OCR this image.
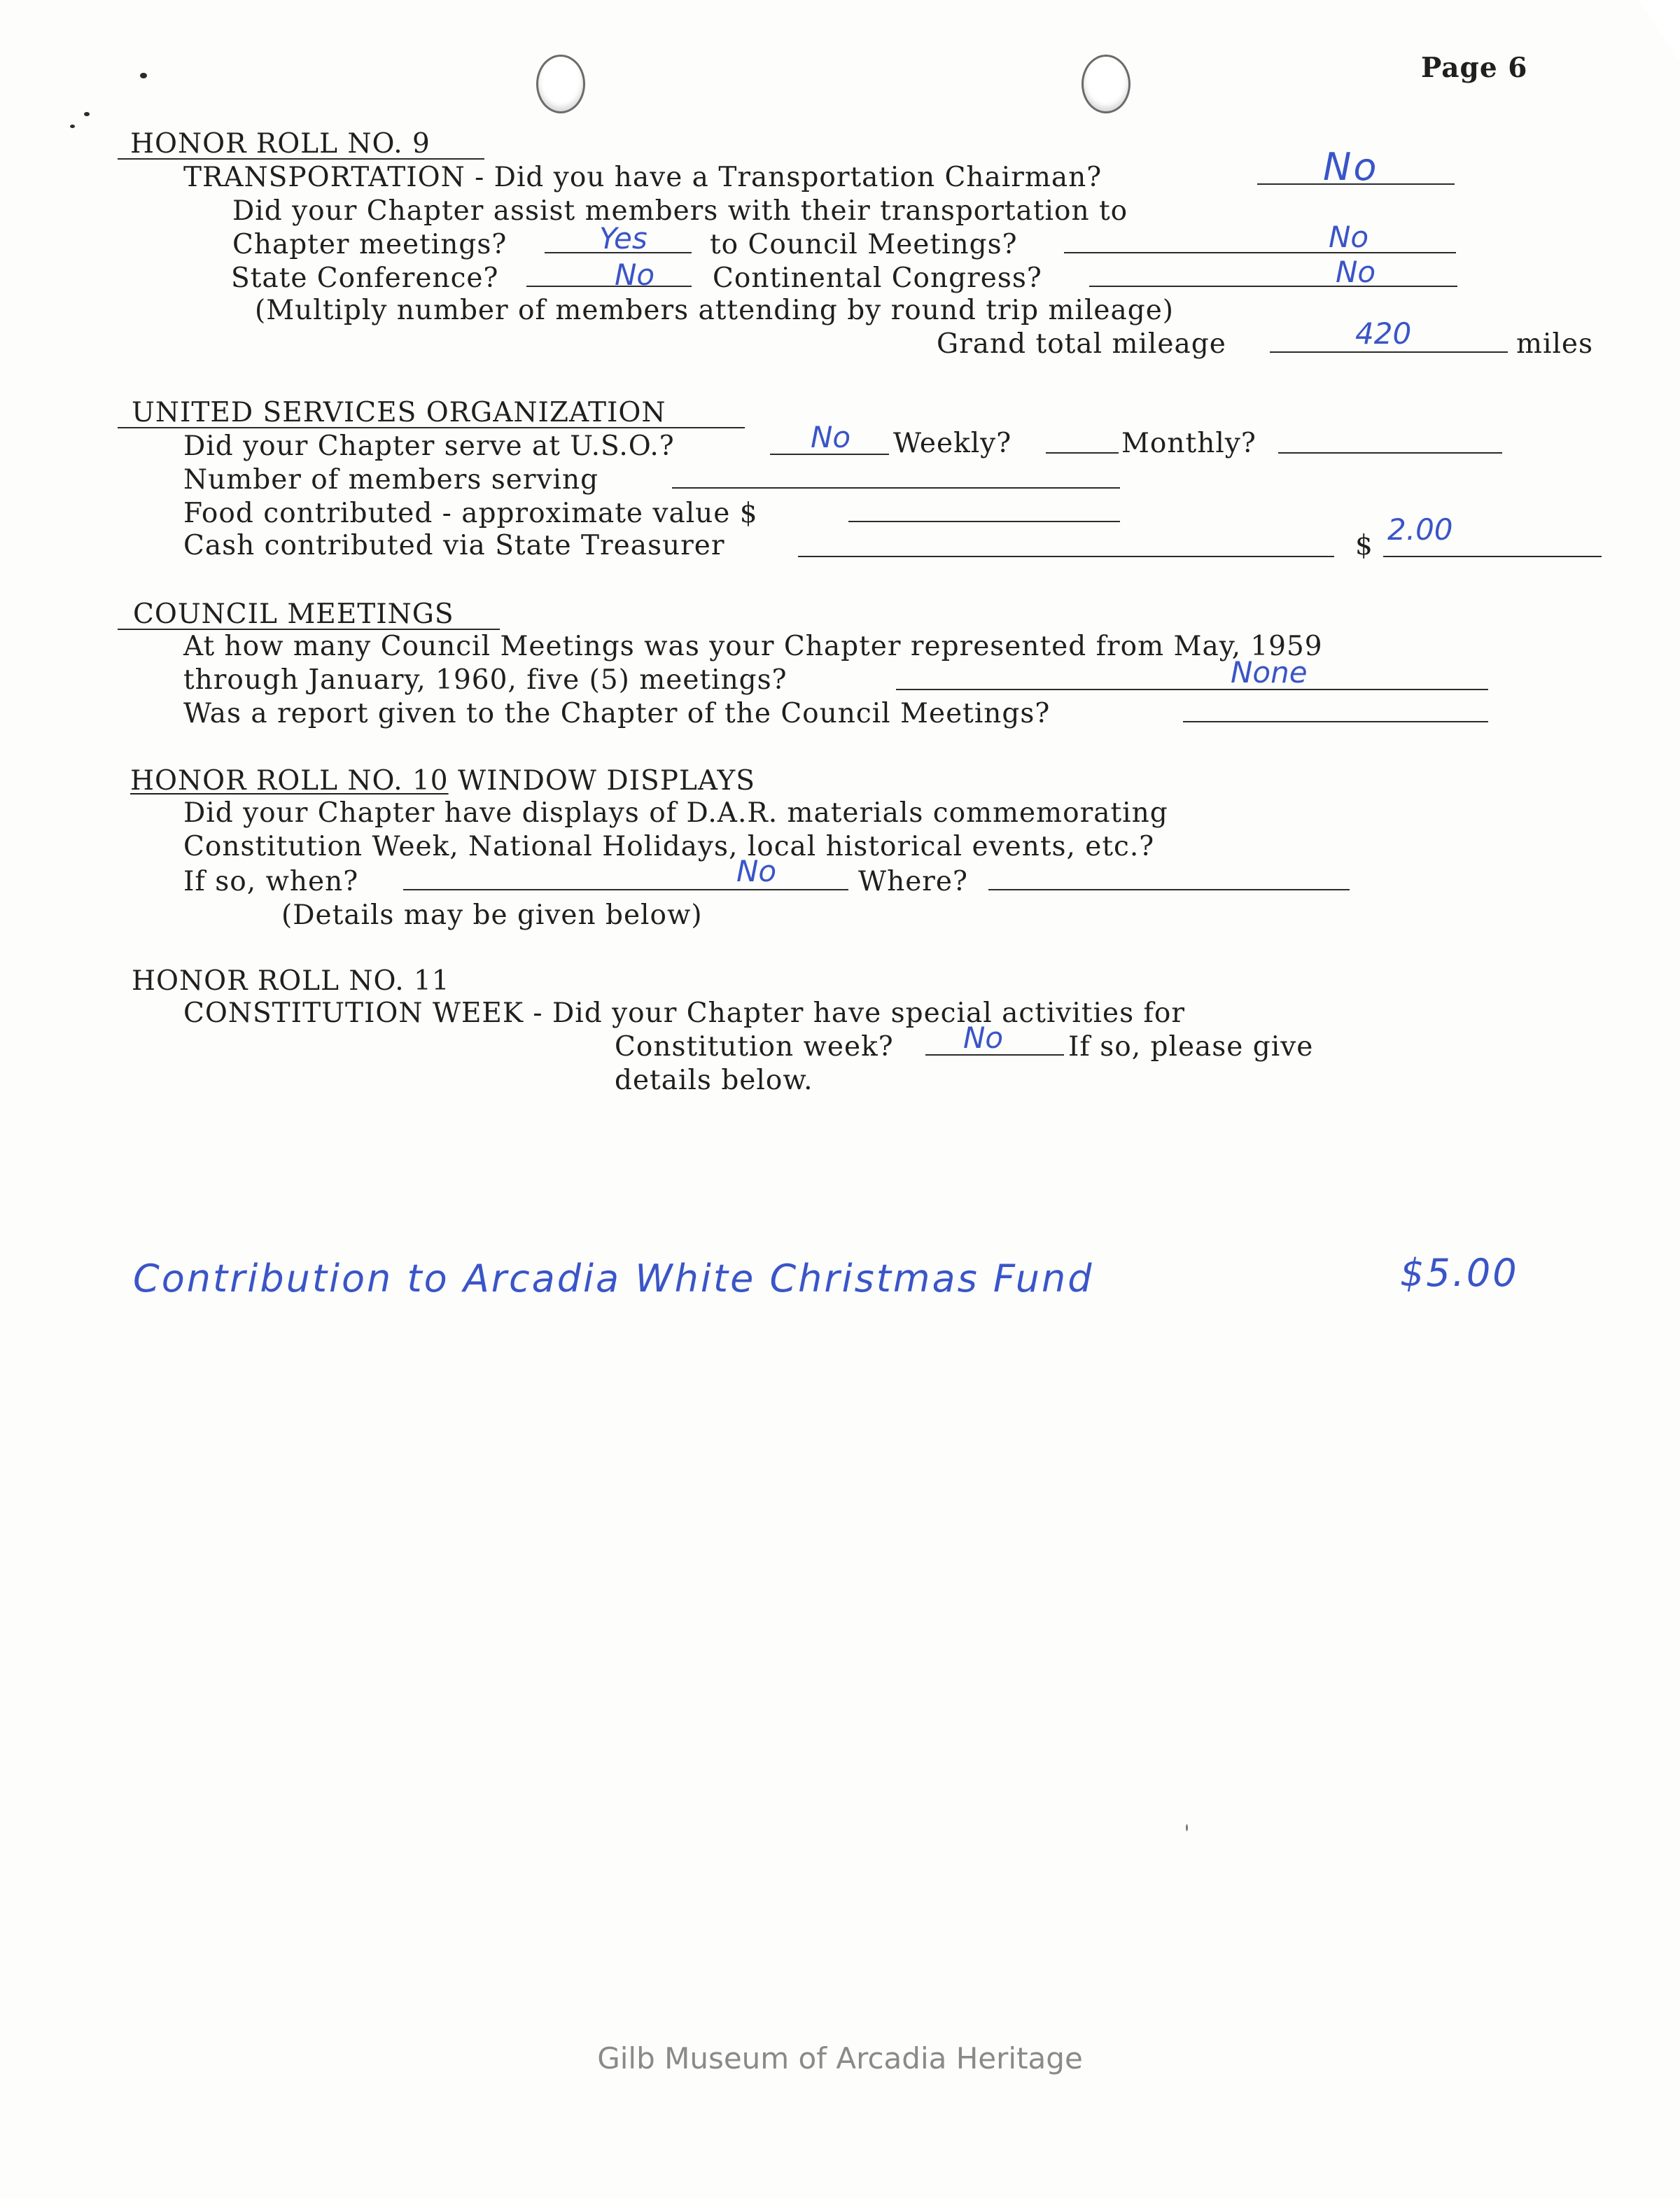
Page 6
HONOR ROLL NO. 9
TRANSPORTATION - Did you have a Transportation Chairman?	No
Did your Chapter assist members with their transportation to
Chapter meetings?	Yes to Council Meetings?	No
State Conference?	No Continental Congress?	No
(Multiply number of members attending by round trip mileage)
Grand total mileage	420	miles
UNITED SERVICES ORGANIZATION
Did your Chapter serve at U.S.O.?	No Weekly?	Monthly?
Number of members serving
Food contributed - approximate value $
Cash contributed via State Treasurer	$ 2.00
COUNCIL MEETINGS
At how many Council Meetings was your Chapter represented from May, 1959
through January, 1960, five (5) meetings?	None
Was a report given to the Chapter of the Council Meetings?
HONOR ROLL NO. 10 WINDOW DISPLAYS
Did your Chapter have displays of D.A.R. materials commemorating
Constitution Week, National Holidays, local historical events, etc.?
If so, when?	No	Where?
(Details may be given below)
HONOR ROLL NO. 11
CONSTITUTION WEEK - Did your Chapter have special activities for
Constitution week? No If so, please give
details below.
Contribution to Arcadia White Christmas Fund	$5.00
Gilb Museum of Arcadia Heritage
